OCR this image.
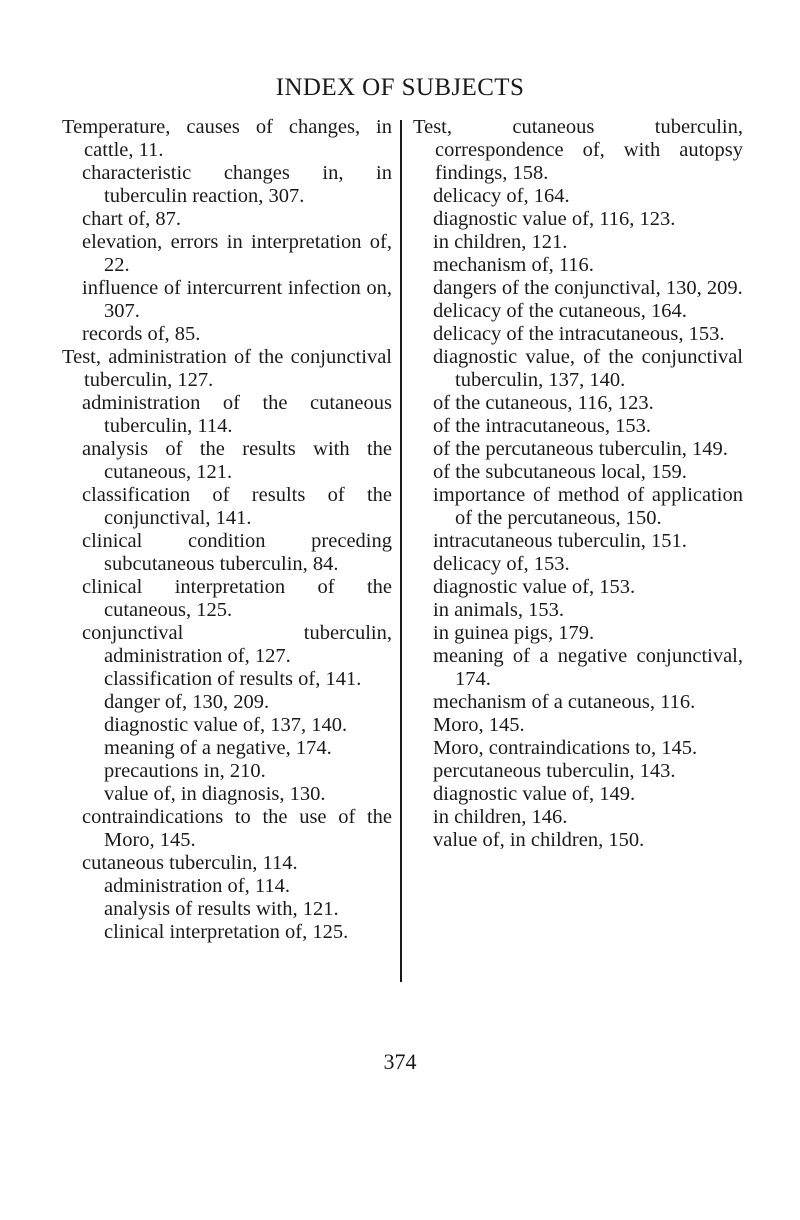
INDEX OF SUBJECTS
Temperature, causes of changes, in cattle, 11.
characteristic changes in, in tuberculin reaction, 307.
chart of, 87.
elevation, errors in interpretation of, 22.
influence of intercurrent infection on, 307.
records of, 85.
Test, administration of the conjunctival tuberculin, 127.
administration of the cutaneous tuberculin, 114.
analysis of the results with the cutaneous, 121.
classification of results of the conjunctival, 141.
clinical condition preceding subcutaneous tuberculin, 84.
clinical interpretation of the cutaneous, 125.
conjunctival tuberculin, administration of, 127.
classification of results of, 141.
danger of, 130, 209.
diagnostic value of, 137, 140.
meaning of a negative, 174.
precautions in, 210.
value of, in diagnosis, 130.
contraindications to the use of the Moro, 145.
cutaneous tuberculin, 114.
administration of, 114.
analysis of results with, 121.
clinical interpretation of, 125.
Test, cutaneous tuberculin, correspondence of, with autopsy findings, 158.
delicacy of, 164.
diagnostic value of, 116, 123.
in children, 121.
mechanism of, 116.
dangers of the conjunctival, 130, 209.
delicacy of the cutaneous, 164.
delicacy of the intracutaneous, 153.
diagnostic value, of the conjunctival tuberculin, 137, 140.
of the cutaneous, 116, 123.
of the intracutaneous, 153.
of the percutaneous tuberculin, 149.
of the subcutaneous local, 159.
importance of method of application of the percutaneous, 150.
intracutaneous tuberculin, 151.
delicacy of, 153.
diagnostic value of, 153.
in animals, 153.
in guinea pigs, 179.
meaning of a negative conjunctival, 174.
mechanism of a cutaneous, 116.
Moro, 145.
Moro, contraindications to, 145.
percutaneous tuberculin, 143.
diagnostic value of, 149.
in children, 146.
value of, in children, 150.
374
